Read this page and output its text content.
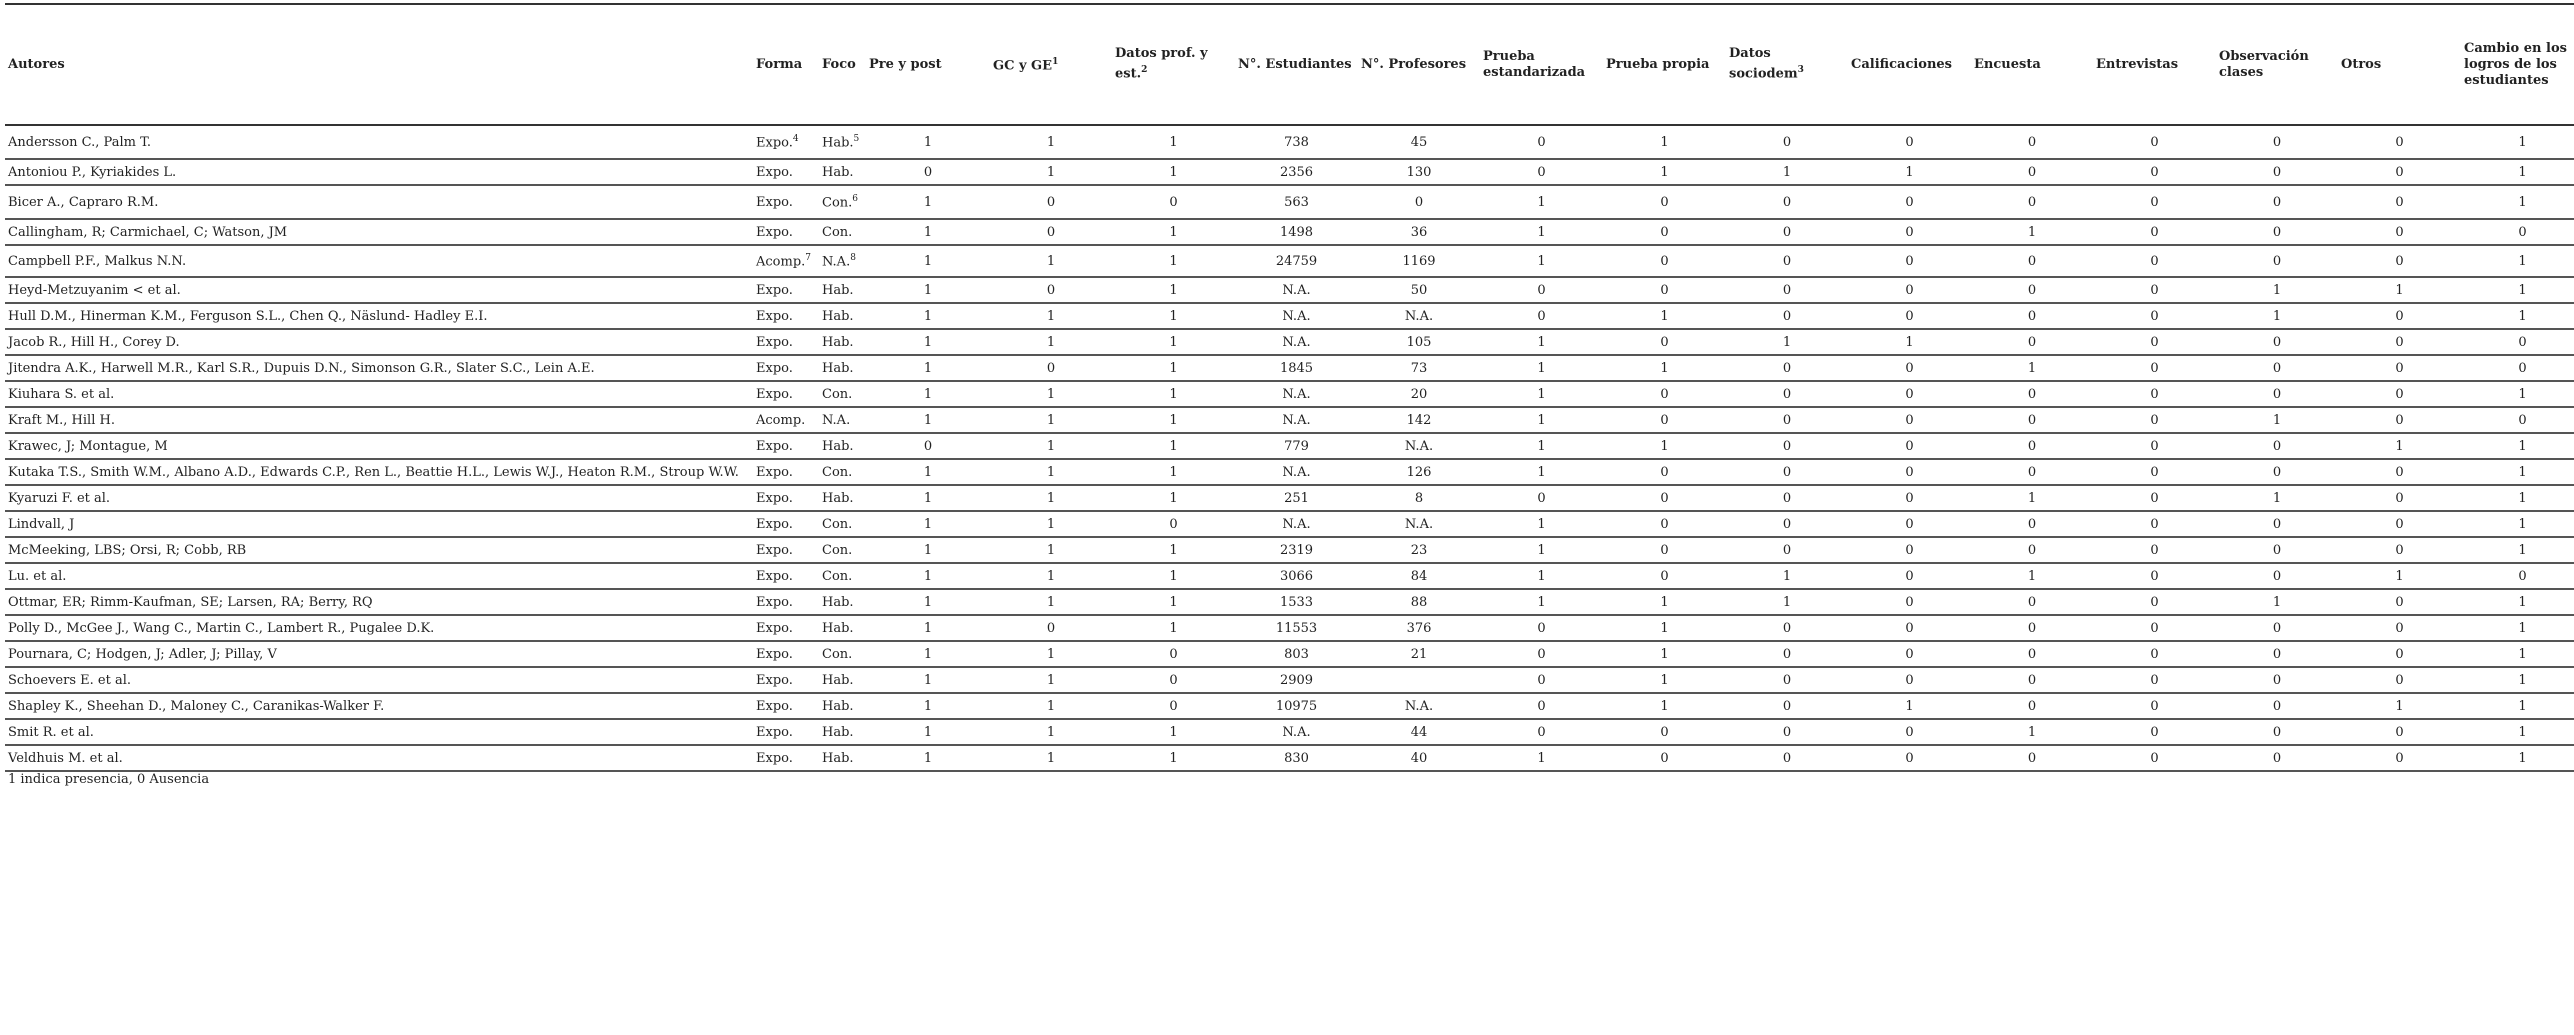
Autores	Forma	Foco	Pre y post	GC y $GE^1$	Datos prof. y est.$^2$	N°. Estudiantes	N°. Profesores	Prueba estandarizada	Prueba propia	Datos sociodem$^3$	Calificaciones	Encuesta	Entrevistas	Observación clases	Otros	Cambio en los logros de los estudiantes
Andersson C., Palm T.	Expo.$^4$	Hab.$^5$	1	1	1	738	45	0	1	0	0	0	0	0	0	1
Antoniou P., Kyriakides L.	Expo.	Hab.	0	1	1	2356	130	0	1	1	1	0	0	0	0	1
Bicer A., Capraro R.M.	Expo.	Con.$^6$	1	0	0	563	0	1	0	0	0	0	0	0	0	1
Callingham, R; Carmichael, C; Watson, JM	Expo.	Con.	1	0	1	1498	36	1	0	0	0	1	0	0	0	0
Campbell P.F., Malkus N.N.	Acomp.$^7$	N.A.$^8$	1	1	1	24759	1169	1	0	0	0	0	0	0	0	1
Heyd-Metzuyanim < et al.	Expo.	Hab.	1	0	1	N.A.	50	0	0	0	0	0	0	1	1	1
Hull D.M., Hinerman K.M., Ferguson S.L., Chen Q., Näslund- Hadley E.I.	Expo.	Hab.	1	1	1	N.A.	N.A.	0	1	0	0	0	0	1	0	1
Jacob R., Hill H., Corey D.	Expo.	Hab.	1	1	1	N.A.	105	1	0	1	1	0	0	0	0	0
Jitendra A.K., Harwell M.R., Karl S.R., Dupuis D.N., Simonson G.R., Slater S.C., Lein A.E.	Expo.	Hab.	1	0	1	1845	73	1	1	0	0	1	0	0	0	0
Kiuhara S. et al.	Expo.	Con.	1	1	1	N.A.	20	1	0	0	0	0	0	0	0	1
Kraft M., Hill H.	Acomp.	N.A.	1	1	1	N.A.	142	1	0	0	0	0	0	1	0	0
Krawec, J; Montague, M	Expo.	Hab.	0	1	1	779	N.A.	1	1	0	0	0	0	0	1	1
Kutaka T.S., Smith W.M., Albano A.D., Edwards C.P., Ren L., Beattie H.L., Lewis W.J., Heaton R.M., Stroup W.W.	Expo.	Con.	1	1	1	N.A.	126	1	0	0	0	0	0	0	0	1
Kyaruzi F. et al.	Expo.	Hab.	1	1	1	251	8	0	0	0	0	1	0	1	0	1
Lindvall, J	Expo.	Con.	1	1	0	N.A.	N.A.	1	0	0	0	0	0	0	0	1
McMeeking, LBS; Orsi, R; Cobb, RB	Expo.	Con.	1	1	1	2319	23	1	0	0	0	0	0	0	0	1
Lu. et al.	Expo.	Con.	1	1	1	3066	84	1	0	1	0	1	0	0	1	0
Ottmar, ER; Rimm-Kaufman, SE; Larsen, RA; Berry, RQ	Expo.	Hab.	1	1	1	1533	88	1	1	1	0	0	0	1	0	1
Polly D., McGee J., Wang C., Martin C., Lambert R., Pugalee D.K.	Expo.	Hab.	1	0	1	11553	376	0	1	0	0	0	0	0	0	1
Pournara, C; Hodgen, J; Adler, J; Pillay, V	Expo.	Con.	1	1	0	803	21	0	1	0	0	0	0	0	0	1
Schoevers E. et al.	Expo.	Hab.	1	1	0	2909		0	1	0	0	0	0	0	0	1
Shapley K., Sheehan D., Maloney C., Caranikas-Walker F.	Expo.	Hab.	1	1	0	10975	N.A.	0	1	0	1	0	0	0	1	1
Smit R. et al.	Expo.	Hab.	1	1	1	N.A.	44	0	0	0	0	1	0	0	0	1
Veldhuis M. et al.	Expo.	Hab.	1	1	1	830	40	1	0	0	0	0	0	0	0	1
1 indica presencia, 0 Ausencia
